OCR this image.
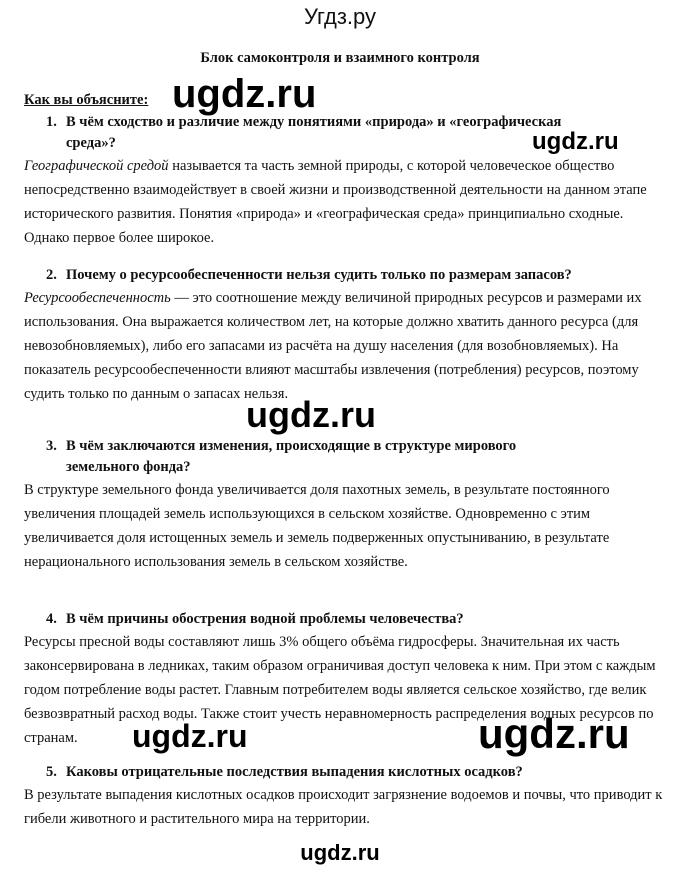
Угдз.ру
Блок самоконтроля и взаимного контроля
Как вы объясните:
1. В чём сходство и различие между понятиями «природа» и «географическая
среда»?
Географической средой называется та часть земной природы, с которой человеческое общество непосредственно взаимодействует в своей жизни и производственной деятельности на данном этапе исторического развития. Понятия «природа» и «географическая среда» принципиально сходные. Однако первое более широкое.
2. Почему о ресурсообеспеченности нельзя судить только по размерам запасов?
Ресурсообеспеченность — это соотношение между величиной природных ресурсов и размерами их использования. Она выражается количеством лет, на которые должно хватить данного ресурса (для невозобновляемых), либо его запасами из расчёта на душу населения (для возобновляемых). На показатель ресурсообеспеченности влияют масштабы извлечения (потребления) ресурсов, поэтому судить только по данным о запасах нельзя.
3. В чём заключаются изменения, происходящие в структуре мирового
земельного фонда?
В структуре земельного фонда увеличивается доля пахотных земель, в результате постоянного увеличения площадей земель использующихся в сельском хозяйстве. Одновременно с этим увеличивается доля истощенных земель и земель подверженных опустыниванию, в результате нерационального использования земель в сельском хозяйстве.
4. В чём причины обострения водной проблемы человечества?
Ресурсы пресной воды составляют лишь 3% общего объёма гидросферы. Значительная их часть законсервирована в ледниках, таким образом ограничивая доступ человека к ним. При этом с каждым годом потребление воды растет. Главным потребителем воды является сельское хозяйство, где велик безвозвратный расход воды. Также стоит учесть неравномерность распределения водных ресурсов по странам.
5. Каковы отрицательные последствия выпадения кислотных осадков?
В результате выпадения кислотных осадков происходит загрязнение водоемов и почвы, что приводит к гибели животного и растительного мира на территории.
ugdz.ru
ugdz.ru
ugdz.ru
ugdz.ru	ugdz.ru
ugdz.ru
